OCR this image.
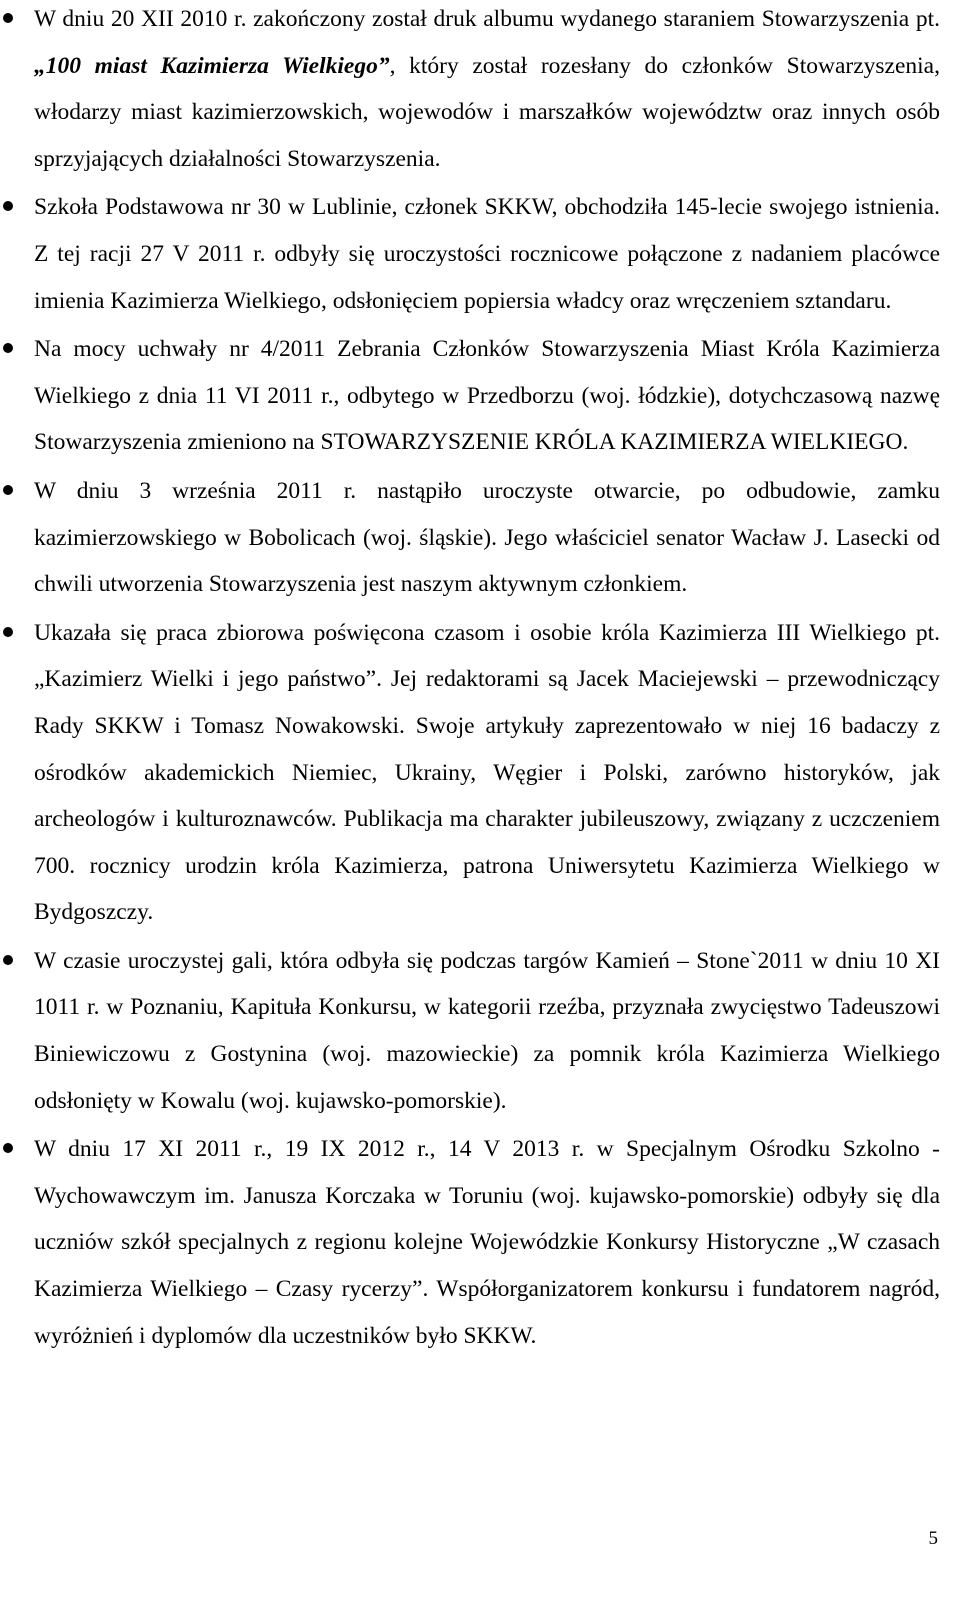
W dniu 20 XII 2010 r. zakończony został druk albumu wydanego staraniem Stowarzyszenia pt. „100 miast Kazimierza Wielkiego”, który został rozesłany do członków Stowarzyszenia, włodarzy miast kazimierzowskich, wojewodów i marszałków województw oraz innych osób sprzyjających działalności Stowarzyszenia.
Szkoła Podstawowa nr 30 w Lublinie, członek SKKW, obchodziła 145-lecie swojego istnienia. Z tej racji 27 V 2011 r. odbyły się uroczystości rocznicowe połączone z nadaniem placówce imienia Kazimierza Wielkiego, odsłonięciem popiersia władcy oraz wręczeniem sztandaru.
Na mocy uchwały nr 4/2011 Zebrania Członków Stowarzyszenia Miast Króla Kazimierza Wielkiego z dnia 11 VI 2011 r., odbytego w Przedborzu (woj. łódzkie), dotychczasową nazwę Stowarzyszenia zmieniono na STOWARZYSZENIE KRÓLA KAZIMIERZA WIELKIEGO.
W dniu 3 września 2011 r. nastąpiło uroczyste otwarcie, po odbudowie, zamku kazimierzowskiego w Bobolicach (woj. śląskie). Jego właściciel senator Wacław J. Lasecki od chwili utworzenia Stowarzyszenia jest naszym aktywnym członkiem.
Ukazała się praca zbiorowa poświęcona czasom i osobie króla Kazimierza III Wielkiego pt. „Kazimierz Wielki i jego państwo”. Jej redaktorami są Jacek Maciejewski – przewodniczący Rady SKKW i Tomasz Nowakowski. Swoje artykuły zaprezentowało w niej 16 badaczy z ośrodków akademickich Niemiec, Ukrainy, Węgier i Polski, zarówno historyków, jak archeologów i kulturoznawców. Publikacja ma charakter jubileuszowy, związany z uczczeniem 700. rocznicy urodzin króla Kazimierza, patrona Uniwersytetu Kazimierza Wielkiego w Bydgoszczy.
W czasie uroczystej gali, która odbyła się podczas targów Kamień – Stone`2011 w dniu 10 XI 1011 r. w Poznaniu, Kapituła Konkursu, w kategorii rzeźba, przyznała zwycięstwo Tadeuszowi Biniewiczowu z Gostynina (woj. mazowieckie) za pomnik króla Kazimierza Wielkiego odsłonięty w Kowalu (woj. kujawsko-pomorskie).
W dniu 17 XI 2011 r., 19 IX 2012 r., 14 V 2013 r. w Specjalnym Ośrodku Szkolno - Wychowawczym im. Janusza Korczaka w Toruniu (woj. kujawsko-pomorskie) odbyły się dla uczniów szkół specjalnych z regionu kolejne Wojewódzkie Konkursy Historyczne „W czasach Kazimierza Wielkiego – Czasy rycerzy”. Współorganizatorem konkursu i fundatorem nagród, wyróżnień i dyplomów dla uczestników było SKKW.
5
